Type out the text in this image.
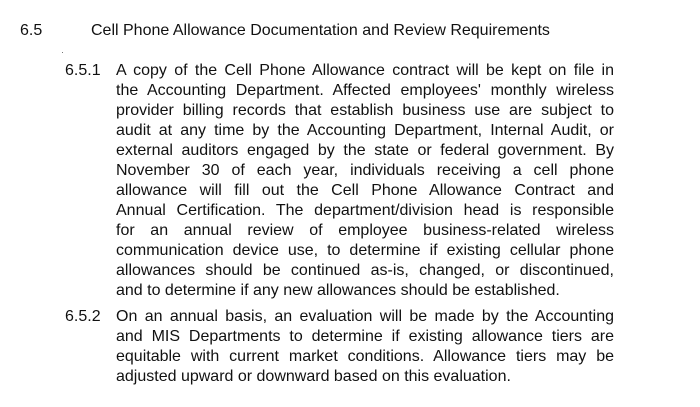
6.5	Cell Phone Allowance Documentation and Review Requirements
6.5.1 A copy of the Cell Phone Allowance contract will be kept on file in
the Accounting Department. Affected employees' monthly wireless
provider billing records that establish business use are subject to
audit at any time by the Accounting Department, Internal Audit, or
external auditors engaged by the state or federal government. By
November 30 of each year, individuals receiving a cell phone
allowance will fill out the Cell Phone Allowance Contract and
Annual Certification. The department/division head is responsible
for an annual review of employee business-related wireless
communication device use, to determine if existing cellular phone
allowances should be continued as-is, changed, or discontinued,
and to determine if any new allowances should be established.

6.5.2 On an annual basis, an evaluation will be made by the Accounting
and MIS Departments to determine if existing allowance tiers are
equitable with current market conditions. Allowance tiers may be
adjusted upward or downward based on this evaluation.
